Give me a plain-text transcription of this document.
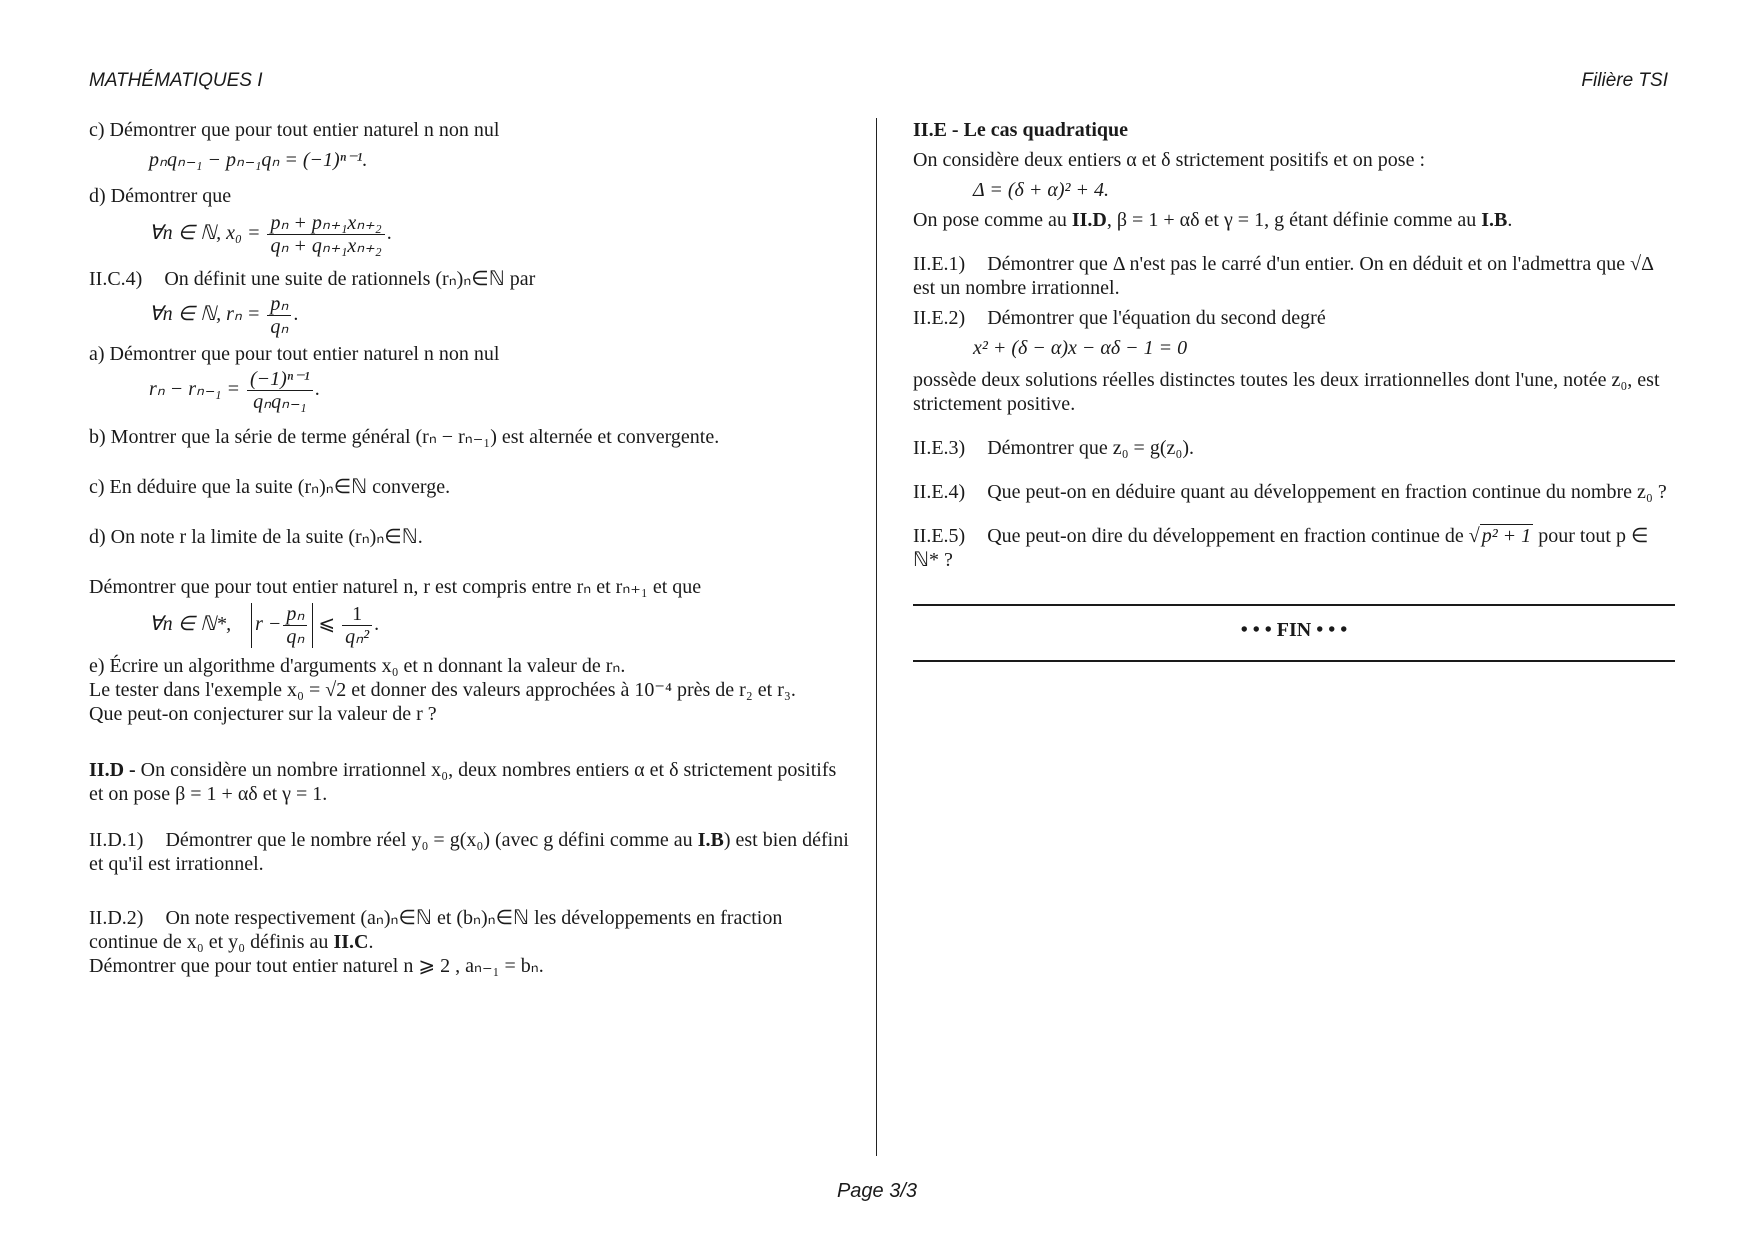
MATHÉMATIQUES I	Filière TSI

c) Démontrer que pour tout entier naturel n non nul

pₙqₙ₋₁ − pₙ₋₁qₙ = (−1)ⁿ⁻¹.

d) Démontrer que

∀n ∈ ℕ, $x_0 = \frac{\text{pₙ + pₙ₊₁xₙ₊₂}}{\text{qₙ + qₙ₊₁xₙ₊₂}}$ .

II.C.4) On définit une suite de rationnels (rₙ)ₙ∈ℕ par

∀n ∈ ℕ, $r_n = \frac{\text{pₙ}}{\text{qₙ}}$ .

a) Démontrer que pour tout entier naturel n non nul

$r_n - r_{n-1} = \frac{\text{(−1)ⁿ⁻¹}}{\text{qₙqₙ₋₁}}$ .

b) Montrer que la série de terme général (rₙ − rₙ₋₁) est alternée et convergente.

c) En déduire que la suite (rₙ)ₙ∈ℕ converge.

d) On note r la limite de la suite (rₙ)ₙ∈ℕ.

Démontrer que pour tout entier naturel n, r est compris entre rₙ et rₙ₊₁ et que

∀n ∈ ℕ*, $r - \frac{\text{pₙ}}{\text{qₙ}}$ ⩽ $\frac{1}{\text{qₙ²}}$ .

e) Écrire un algorithme d'arguments x₀ et n donnant la valeur de rₙ.

Le tester dans l'exemple x₀ = √2 et donner des valeurs approchées à 10⁻⁴ près de r₂ et r₃.

Que peut-on conjecturer sur la valeur de r ?

II.D - On considère un nombre irrationnel x₀, deux nombres entiers α et δ strictement positifs et on pose β = 1 + αδ et γ = 1.

II.D.1) Démontrer que le nombre réel y₀ = g(x₀) (avec g défini comme au I.B) est bien défini et qu'il est irrationnel.

II.D.2) On note respectivement (aₙ)ₙ∈ℕ et (bₙ)ₙ∈ℕ les développements en fraction continue de x₀ et y₀ définis au II.C.

Démontrer que pour tout entier naturel n ⩾ 2 , aₙ₋₁ = bₙ.

II.E - Le cas quadratique

On considère deux entiers α et δ strictement positifs et on pose :

Δ = (δ + α)² + 4.

On pose comme au II.D, β = 1 + αδ et γ = 1, g étant définie comme au I.B.

II.E.1) Démontrer que Δ n'est pas le carré d'un entier. On en déduit et on l'admettra que √Δ est un nombre irrationnel.

II.E.2) Démontrer que l'équation du second degré

x² + (δ − α)x − αδ − 1 = 0

possède deux solutions réelles distinctes toutes les deux irrationnelles dont l'une, notée z₀, est strictement positive.

II.E.3) Démontrer que z₀ = g(z₀).

II.E.4) Que peut-on en déduire quant au développement en fraction continue du nombre z₀ ?

II.E.5) Que peut-on dire du développement en fraction continue de √ p² + 1 pour tout p ∈ ℕ* ?

• • • FIN • • •

Page 3/3
